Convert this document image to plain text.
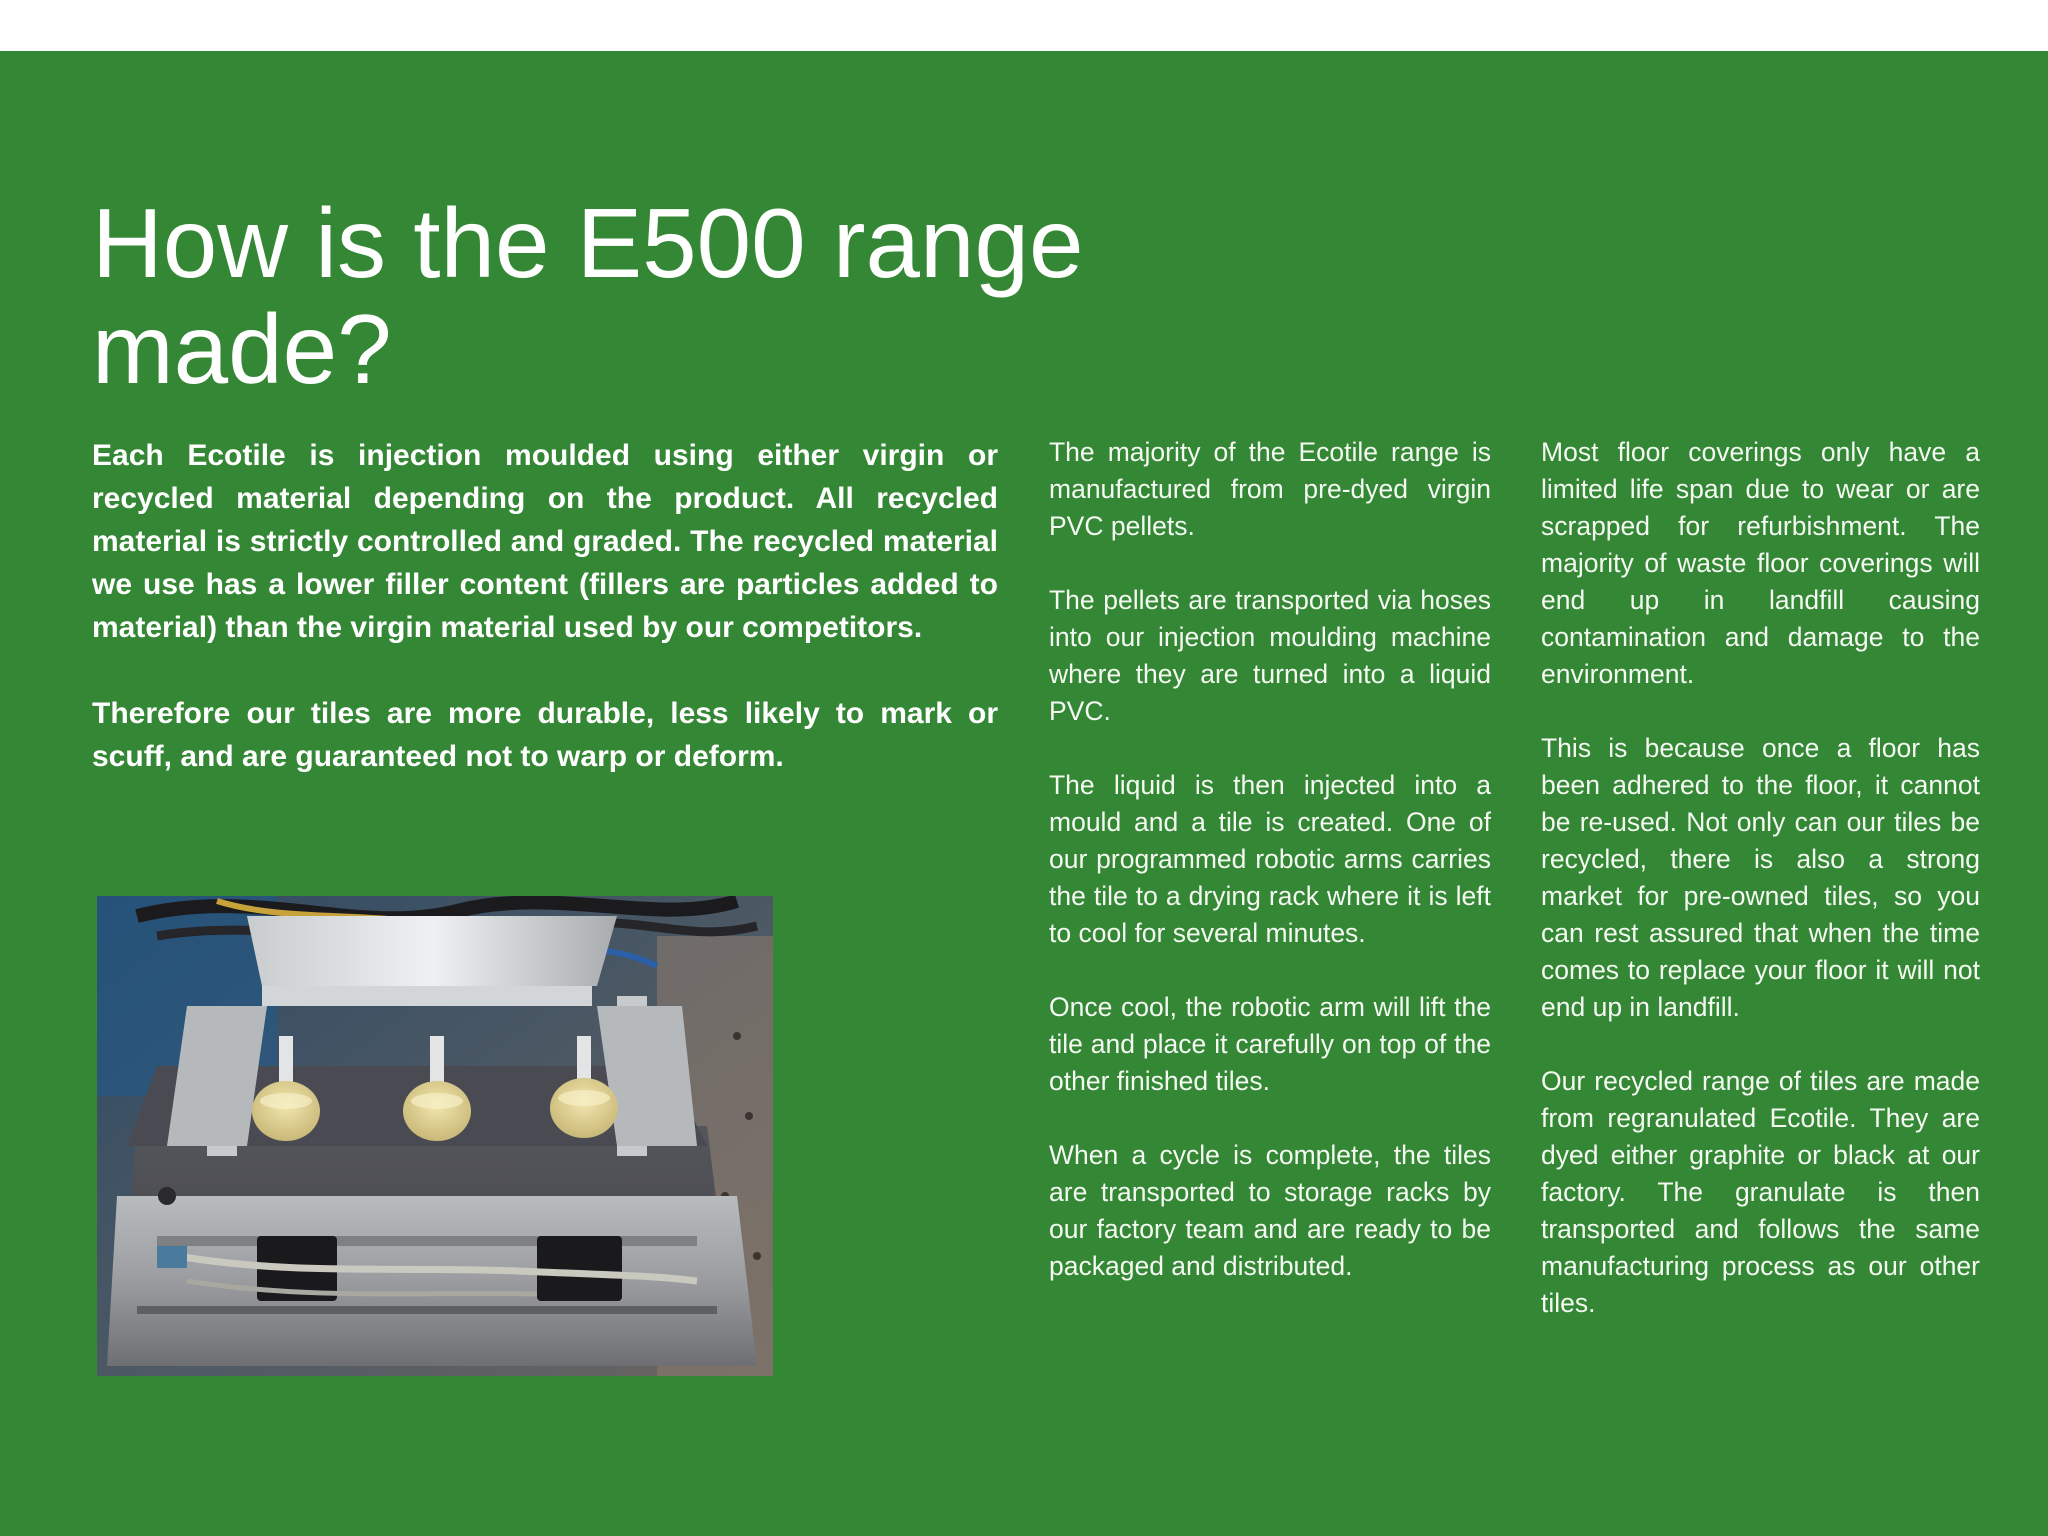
How is the E500 range made?

Each Ecotile is injection moulded using either virgin or recycled material depending on the product. All recycled material is strictly controlled and graded. The recycled material we use has a lower filler content (fillers are particles added to material) than the virgin material used by our competitors.

Therefore our tiles are more durable, less likely to mark or scuff, and are guaranteed not to warp or deform.

The majority of the Ecotile range is manufactured from pre-dyed virgin PVC pellets.

The pellets are transported via hoses into our injection moulding machine where they are turned into a liquid PVC.

The liquid is then injected into a mould and a tile is created. One of our programmed robotic arms carries the tile to a drying rack where it is left to cool for several minutes.

Once cool, the robotic arm will lift the tile and place it carefully on top of the other finished tiles.

When a cycle is complete, the tiles are transported to storage racks by our factory team and are ready to be packaged and distributed.

Most floor coverings only have a limited life span due to wear or are scrapped for refurbishment. The majority of waste floor coverings will end up in landfill causing contamination and damage to the environment.

This is because once a floor has been adhered to the floor, it cannot be re-used. Not only can our tiles be recycled, there is also a strong market for pre-owned tiles, so you can rest assured that when the time comes to replace your floor it will not end up in landfill.

Our recycled range of tiles are made from regranulated Ecotile. They are dyed either graphite or black at our factory. The granulate is then transported and follows the same manufacturing process as our other tiles.
